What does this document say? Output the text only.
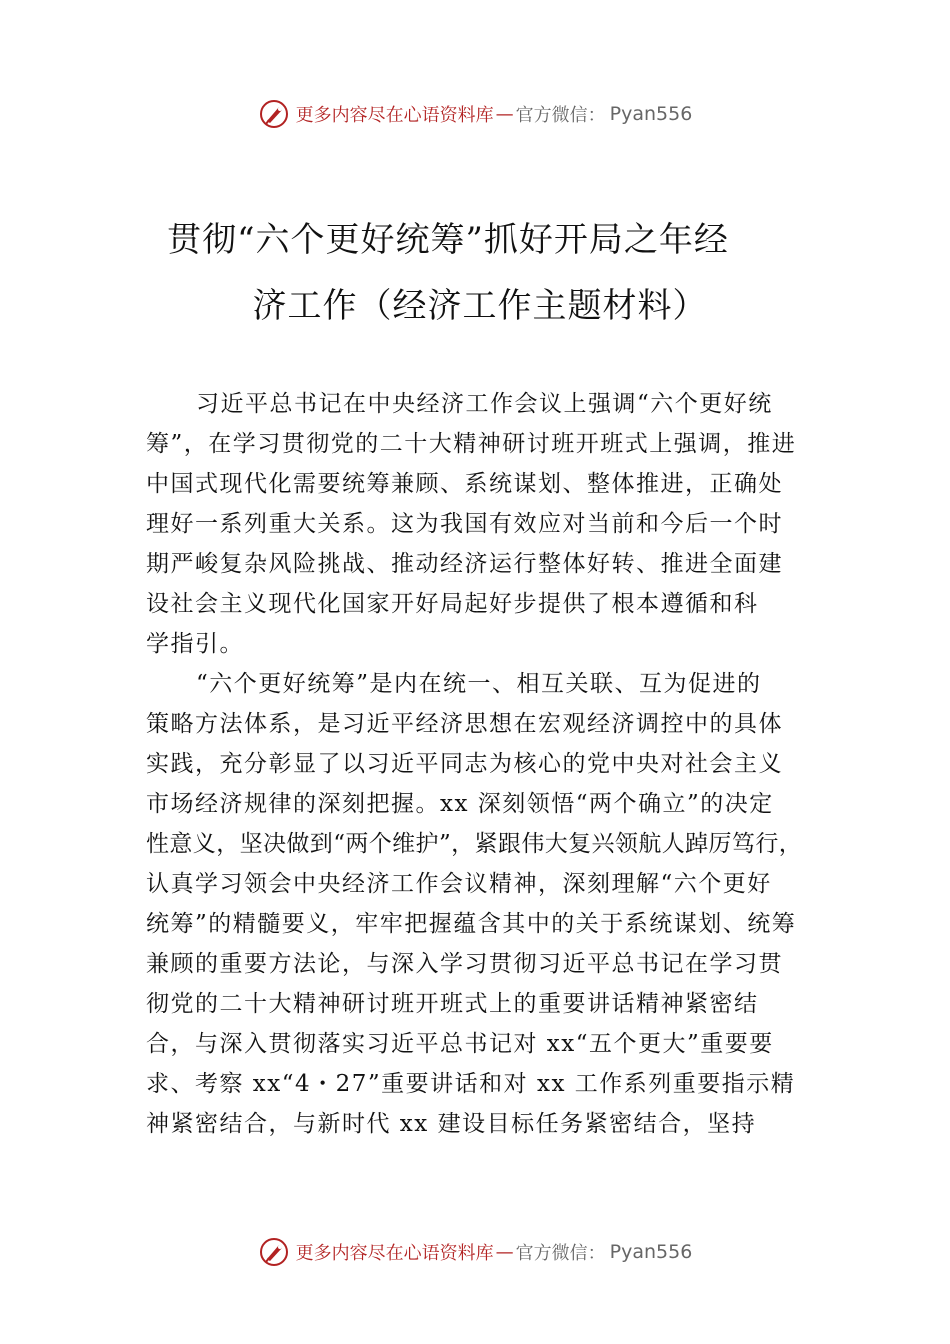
更多内容尽在心语资料库 — 官方微信： Pyan556
贯彻“六个更好统筹”抓好开局之年经
济工作（经济工作主题材料）
习近平总书记在中央经济工作会议上强调“六个更好统
筹”，在学习贯彻党的二十大精神研讨班开班式上强调，推进
中国式现代化需要统筹兼顾、系统谋划、整体推进，正确处
理好一系列重大关系。这为我国有效应对当前和今后一个时
期严峻复杂风险挑战、推动经济运行整体好转、推进全面建
设社会主义现代化国家开好局起好步提供了根本遵循和科
学指引。
“六个更好统筹”是内在统一、相互关联、互为促进的
策略方法体系，是习近平经济思想在宏观经济调控中的具体
实践，充分彰显了以习近平同志为核心的党中央对社会主义
市场经济规律的深刻把握。xx 深刻领悟“两个确立”的决定
性意义，坚决做到“两个维护”，紧跟伟大复兴领航人踔厉笃行，
认真学习领会中央经济工作会议精神，深刻理解“六个更好
统筹”的精髓要义，牢牢把握蕴含其中的关于系统谋划、统筹
兼顾的重要方法论，与深入学习贯彻习近平总书记在学习贯
彻党的二十大精神研讨班开班式上的重要讲话精神紧密结
合，与深入贯彻落实习近平总书记对 xx“五个更大”重要要
求、考察 xx“4・27”重要讲话和对 xx 工作系列重要指示精
神紧密结合，与新时代 xx 建设目标任务紧密结合，坚持
更多内容尽在心语资料库 — 官方微信： Pyan556
